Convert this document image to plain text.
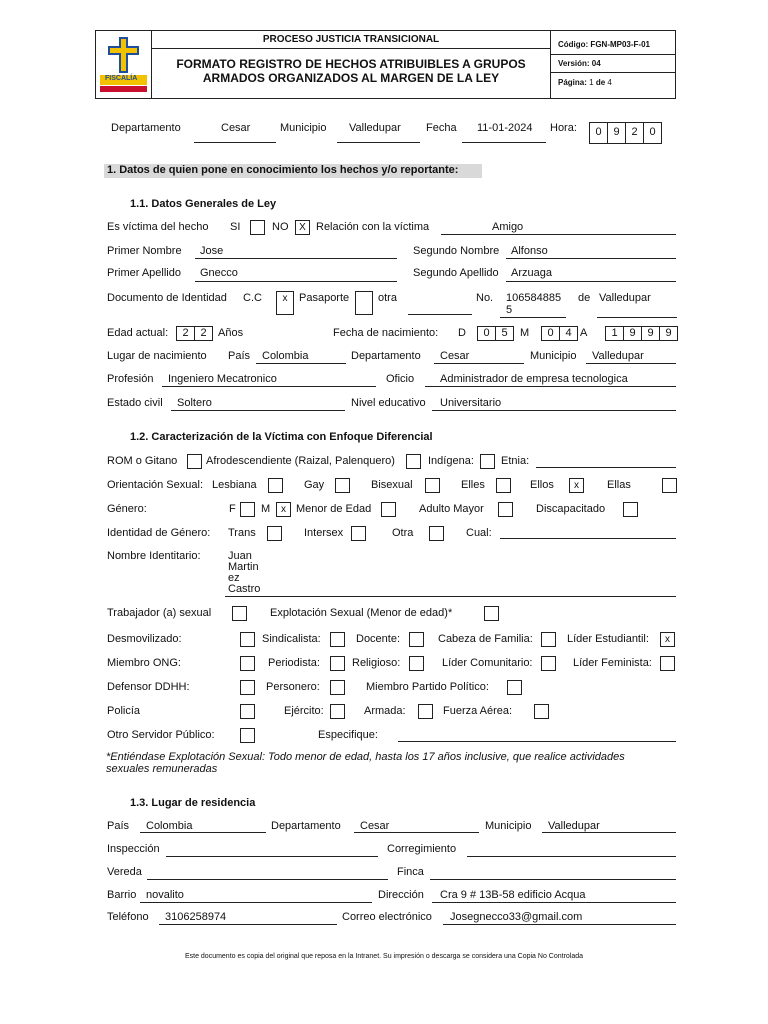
FISCALÍA
PROCESO JUSTICIA TRANSICIONAL
FORMATO REGISTRO DE HECHOS ATRIBUIBLES A GRUPOS
ARMADOS ORGANIZADOS AL MARGEN DE LA LEY
Código: FGN-MP03-F-01
Versión: 04
Página: 1 de 4
Departamento	Cesar	Municipio Valledupar Fecha 11-01-2024 Hora:	0	9	2	0
1. Datos de quien pone en conocimiento los hechos y/o reportante:
1.1. Datos Generales de Ley
Es víctima del hecho SI	NO	X Relación con la víctima	Amigo
Primer Nombre Jose	Segundo Nombre Alfonso
Primer Apellido Gnecco	Segundo Apellido Arzuaga
Documento de Identidad C.C	x	Pasaporte	otra	No. 106584885
5
de Valledupar
Edad actual:	2	2	Años	Fecha de nacimiento: D	0	5	M	0	4 A	1	9	9	9
Lugar de nacimiento País Colombia	Departamento Cesar	Municipio Valledupar
Profesión Ingeniero Mecatronico	Oficio Administrador de empresa tecnologica
Estado civil Soltero	Nivel educativo Universitario
1.2. Caracterización de la Víctima con Enfoque Diferencial
ROM o Gitano	Afrodescendiente (Raizal, Palenquero)	Indígena: Etnia:
Orientación Sexual: Lesbiana	Gay	Bisexual	Elles	Ellos	x	Ellas
Género:	F M	x Menor de Edad	Adulto Mayor	Discapacitado
Identidad de Género: Trans	Intersex	Otra	Cual:
Nombre Identitario: Juan
Martin
ez
Castro
Trabajador (a) sexual	Explotación Sexual (Menor de edad)*
Desmovilizado:	Sindicalista:	Docente:	Cabeza de Familia:	Líder Estudiantil:	x
Miembro ONG:	Periodista:	Religioso:	Líder Comunitario:	Líder Feminista:
Defensor DDHH:	Personero:	Miembro Partido Político:
Policía	Ejército:	Armada:	Fuerza Aérea:
Otro Servidor Público:	Especifique:
*Entiéndase Explotación Sexual: Todo menor de edad, hasta los 17 años inclusive, que realice actividades
sexuales remuneradas
1.3. Lugar de residencia
País Colombia	Departamento Cesar	Municipio Valledupar
Inspección	Corregimiento
Vereda	Finca
Barrio novalito	Dirección Cra 9 # 13B-58 edificio Acqua
Teléfono 3106258974	Correo electrónico Josegnecco33@gmail.com
Este documento es copia del original que reposa en la Intranet. Su impresión o descarga se considera una Copia No Controlada
